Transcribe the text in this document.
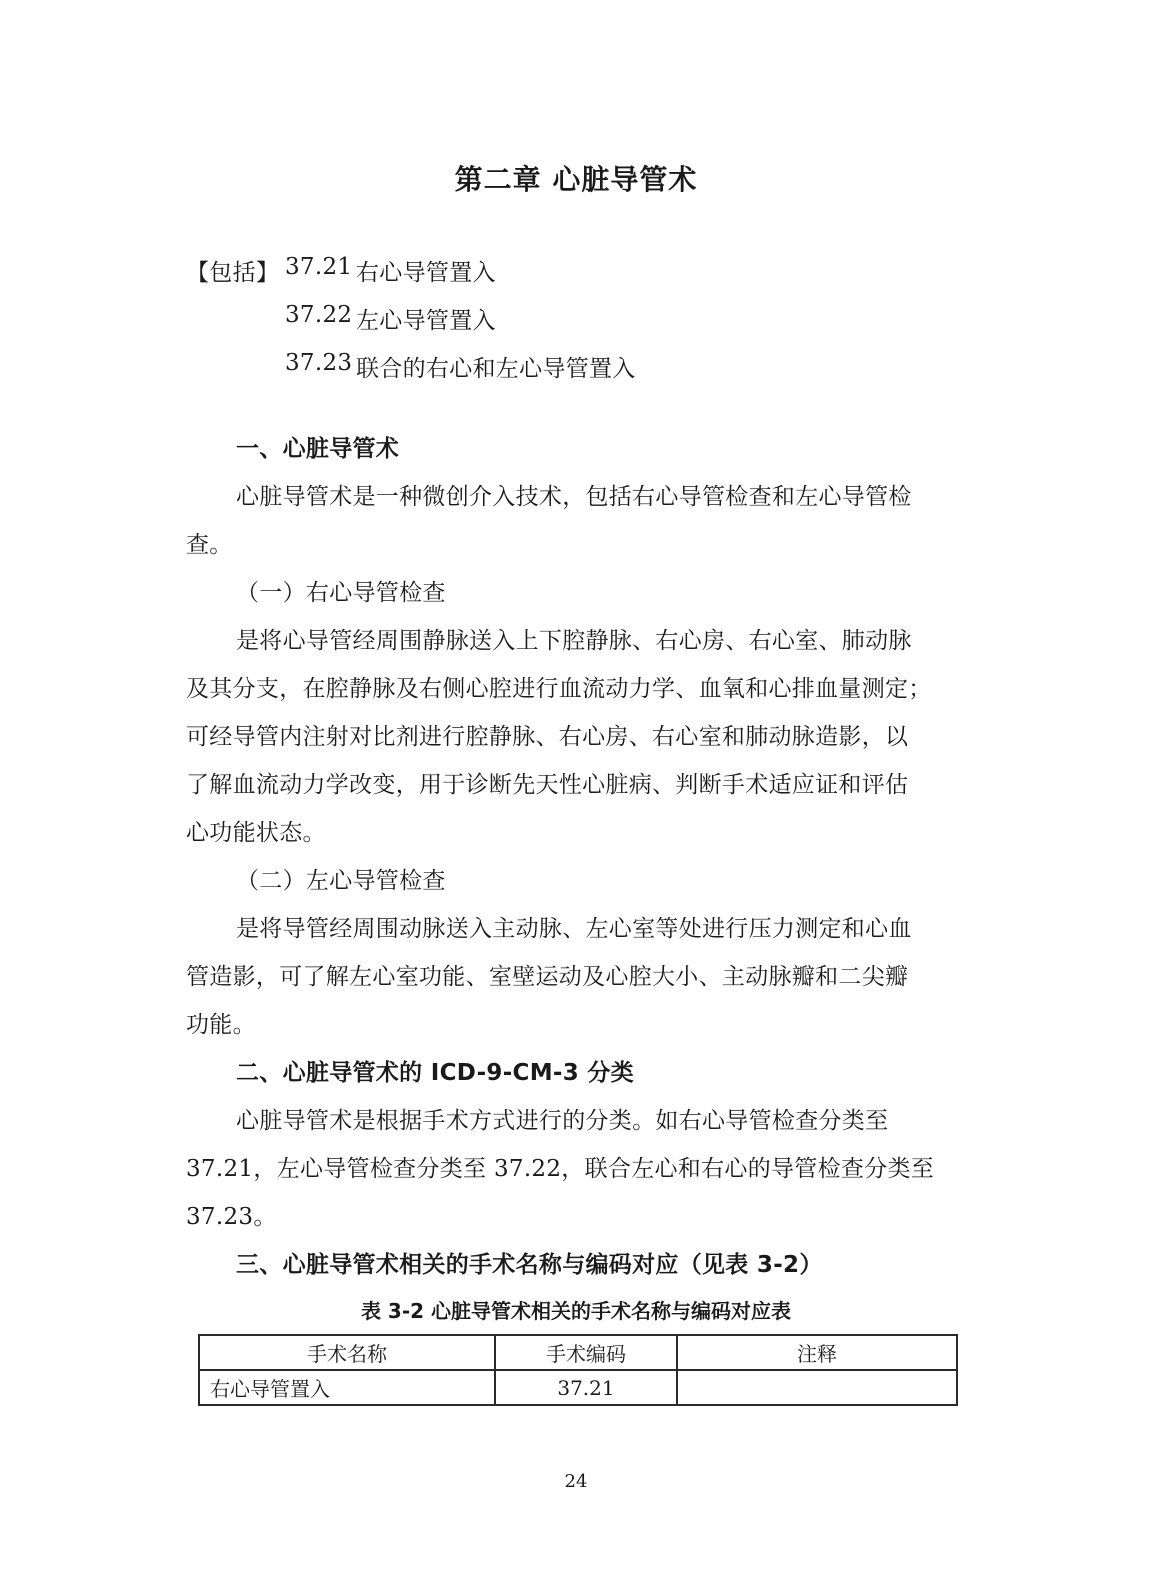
第二章 心脏导管术
【包括】 37.21 右心导管置入
37.22 左心导管置入
37.23 联合的右心和左心导管置入
一、心脏导管术
心脏导管术是一种微创介入技术，包括右心导管检查和左心导管检
查。
（一）右心导管检查
是将心导管经周围静脉送入上下腔静脉、右心房、右心室、肺动脉
及其分支，在腔静脉及右侧心腔进行血流动力学、血氧和心排血量测定；
可经导管内注射对比剂进行腔静脉、右心房、右心室和肺动脉造影，以
了解血流动力学改变，用于诊断先天性心脏病、判断手术适应证和评估
心功能状态。
（二）左心导管检查
是将导管经周围动脉送入主动脉、左心室等处进行压力测定和心血
管造影，可了解左心室功能、室壁运动及心腔大小、主动脉瓣和二尖瓣
功能。
二、心脏导管术的 ICD-9-CM-3 分类
心脏导管术是根据手术方式进行的分类。如右心导管检查分类至
37.21，左心导管检查分类至 37.22，联合左心和右心的导管检查分类至
37.23。
三、心脏导管术相关的手术名称与编码对应（见表 3-2）
表 3-2 心脏导管术相关的手术名称与编码对应表
手术名称	手术编码	注释
右心导管置入	37.21	
24
